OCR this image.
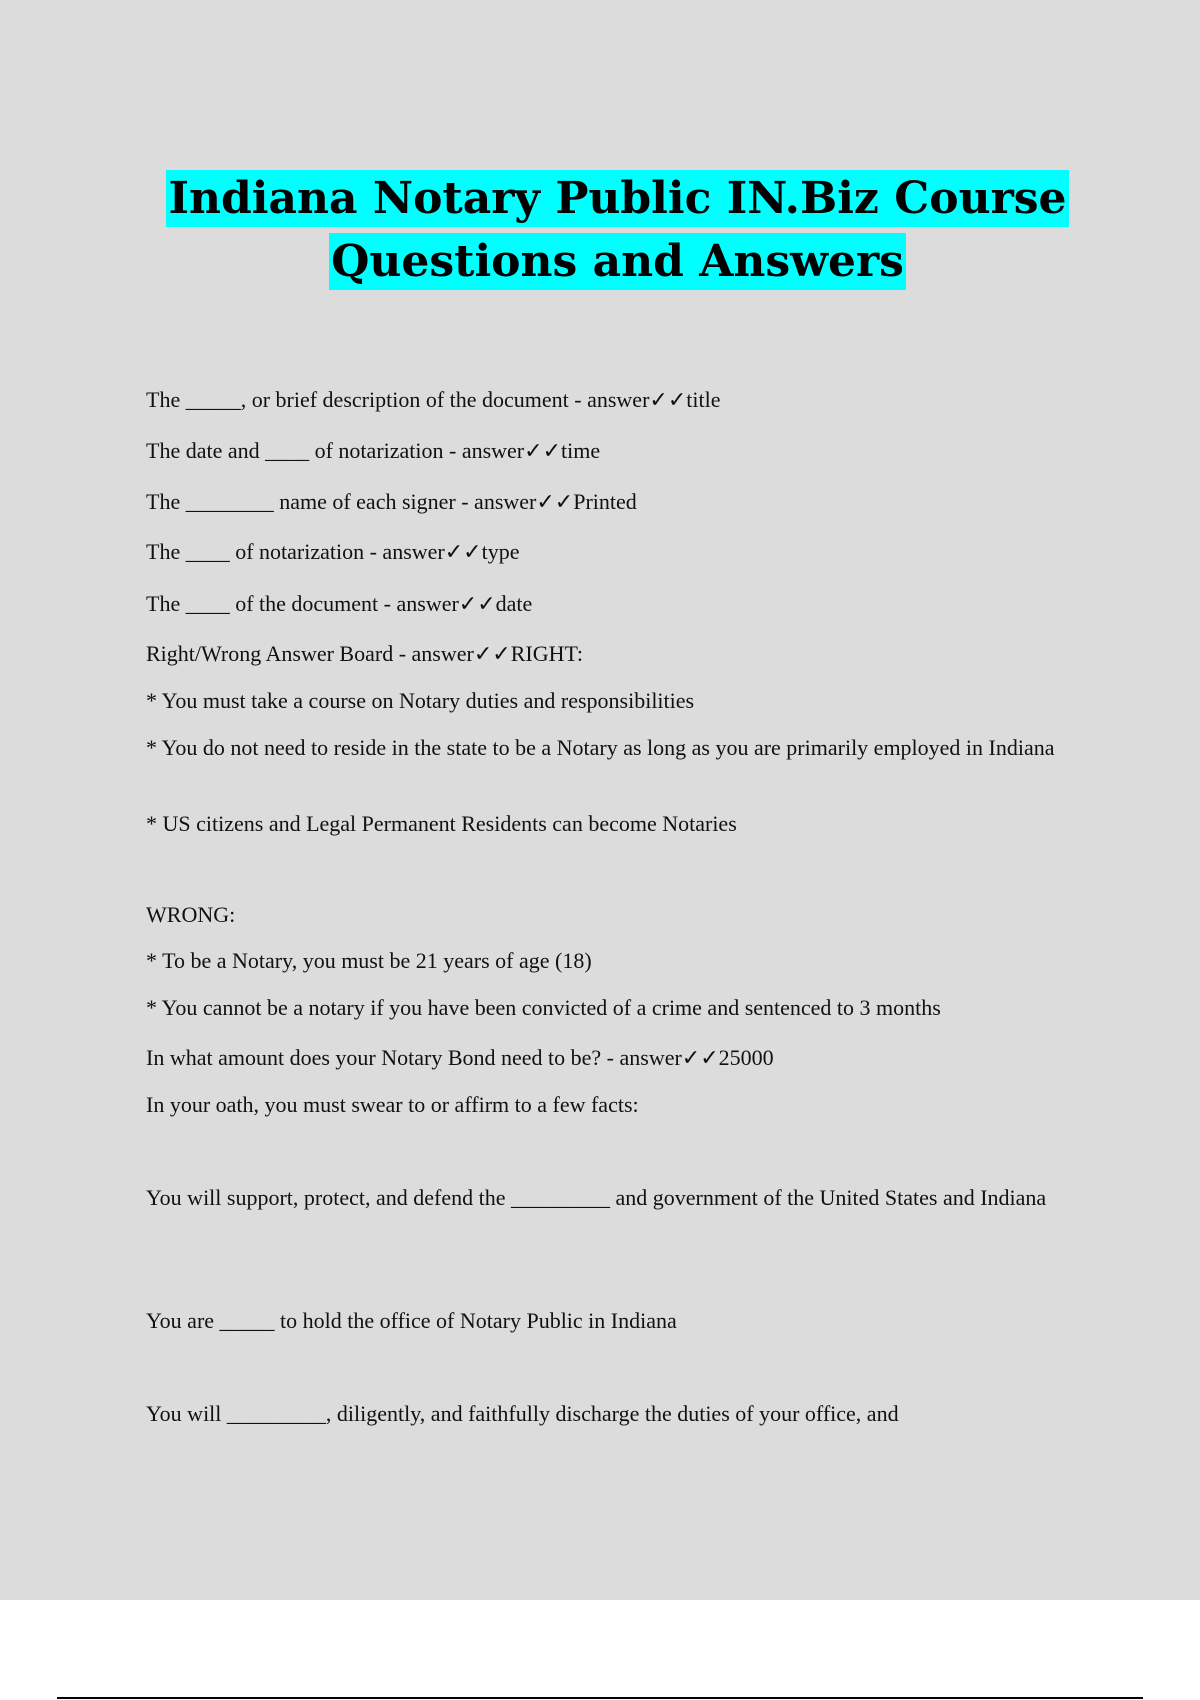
Indiana Notary Public IN.Biz Course
Questions and Answers

The _____, or brief description of the document - answer✓✓title

The date and ____ of notarization - answer✓✓time

The ________ name of each signer - answer✓✓Printed

The ____ of notarization - answer✓✓type

The ____ of the document - answer✓✓date

Right/Wrong Answer Board - answer✓✓RIGHT:

* You must take a course on Notary duties and responsibilities

* You do not need to reside in the state to be a Notary as long as you are primarily employed in Indiana

* US citizens and Legal Permanent Residents can become Notaries

WRONG:

* To be a Notary, you must be 21 years of age (18)

* You cannot be a notary if you have been convicted of a crime and sentenced to 3 months

In what amount does your Notary Bond need to be? - answer✓✓25000

In your oath, you must swear to or affirm to a few facts:

You will support, protect, and defend the _________ and government of the United States and Indiana

You are _____ to hold the office of Notary Public in Indiana

You will _________, diligently, and faithfully discharge the duties of your office, and
